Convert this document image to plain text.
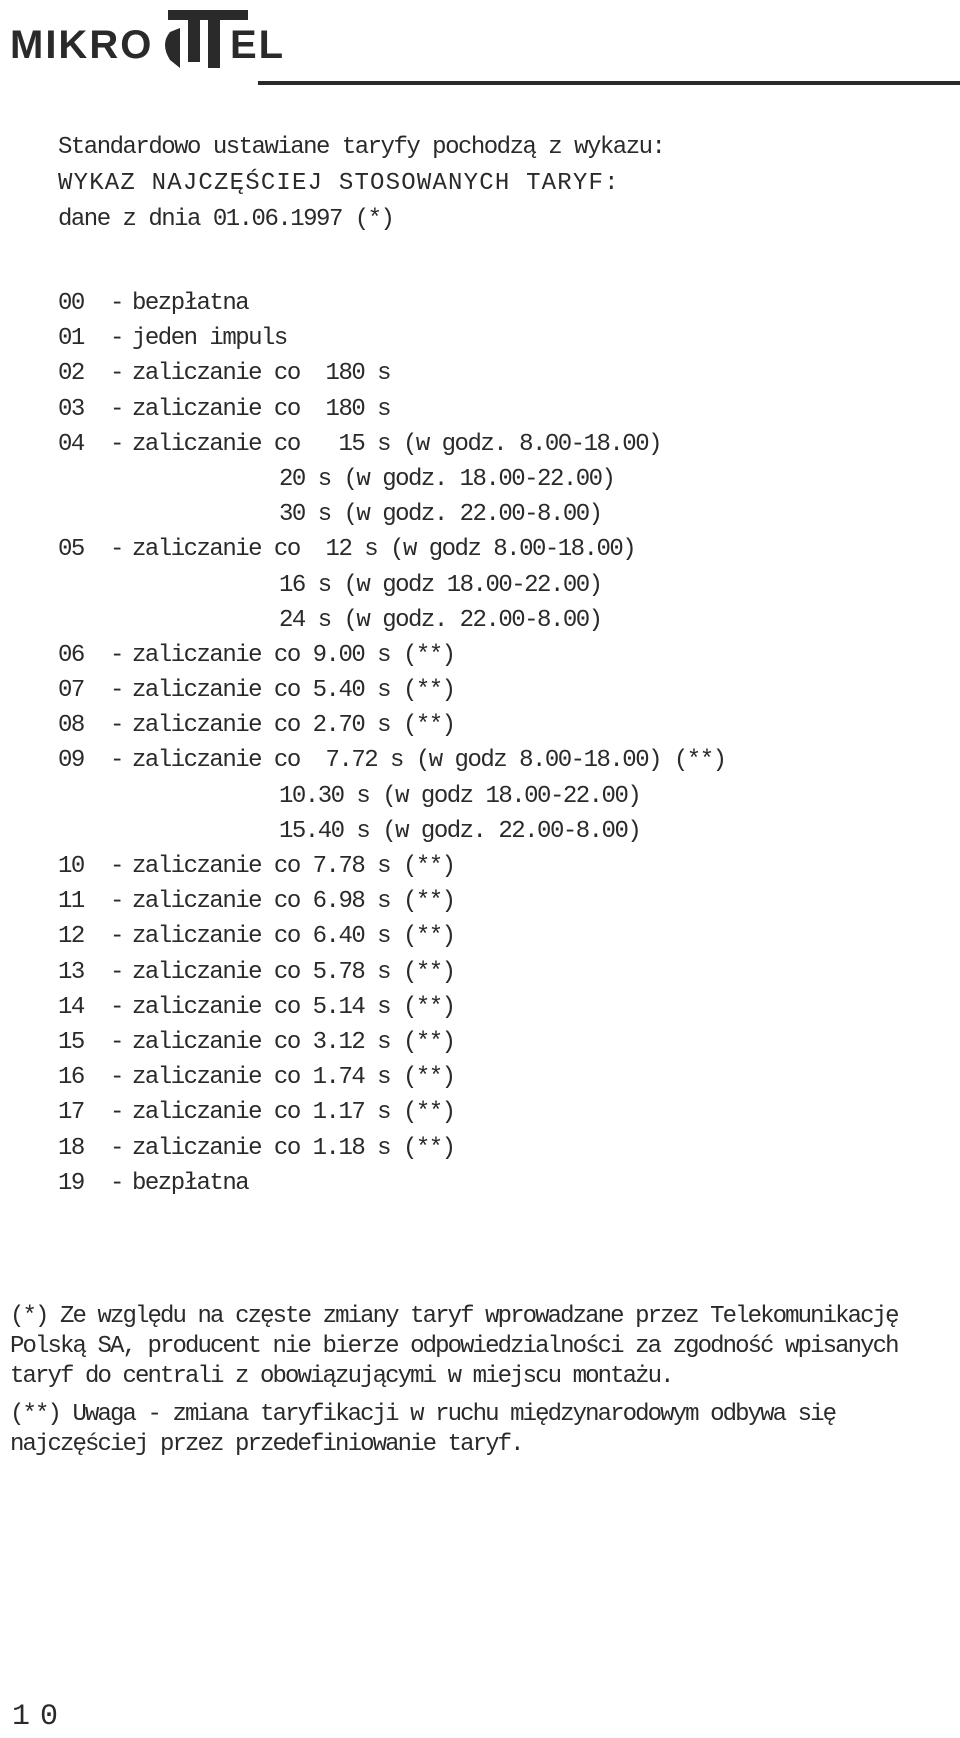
MIKRO EL
Standardowo ustawiane taryfy pochodzą z wykazu:
WYKAZ NAJCZĘŚCIEJ STOSOWANYCH TARYF:
dane z dnia 01.06.1997 (*)
00 - bezpłatna
01 - jeden impuls
02 - zaliczanie co  180 s
03 - zaliczanie co  180 s
04 - zaliczanie co   15 s (w godz. 8.00-18.00)
20 s (w godz. 18.00-22.00)
30 s (w godz. 22.00-8.00)
05 - zaliczanie co  12 s (w godz 8.00-18.00)
16 s (w godz 18.00-22.00)
24 s (w godz. 22.00-8.00)
06 - zaliczanie co 9.00 s (**)
07 - zaliczanie co 5.40 s (**)
08 - zaliczanie co 2.70 s (**)
09 - zaliczanie co  7.72 s (w godz 8.00-18.00) (**)
10.30 s (w godz 18.00-22.00)
15.40 s (w godz. 22.00-8.00)
10 - zaliczanie co 7.78 s (**)
11 - zaliczanie co 6.98 s (**)
12 - zaliczanie co 6.40 s (**)
13 - zaliczanie co 5.78 s (**)
14 - zaliczanie co 5.14 s (**)
15 - zaliczanie co 3.12 s (**)
16 - zaliczanie co 1.74 s (**)
17 - zaliczanie co 1.17 s (**)
18 - zaliczanie co 1.18 s (**)
19 - bezpłatna
(*) Ze względu na częste zmiany taryf wprowadzane przez Telekomunikację Polską SA, producent nie bierze odpowiedzialności za zgodność wpisanych taryf do centrali z obowiązującymi w miejscu montażu.
(**) Uwaga - zmiana taryfikacji w ruchu międzynarodowym odbywa się najczęściej przez przedefiniowanie taryf.
10
